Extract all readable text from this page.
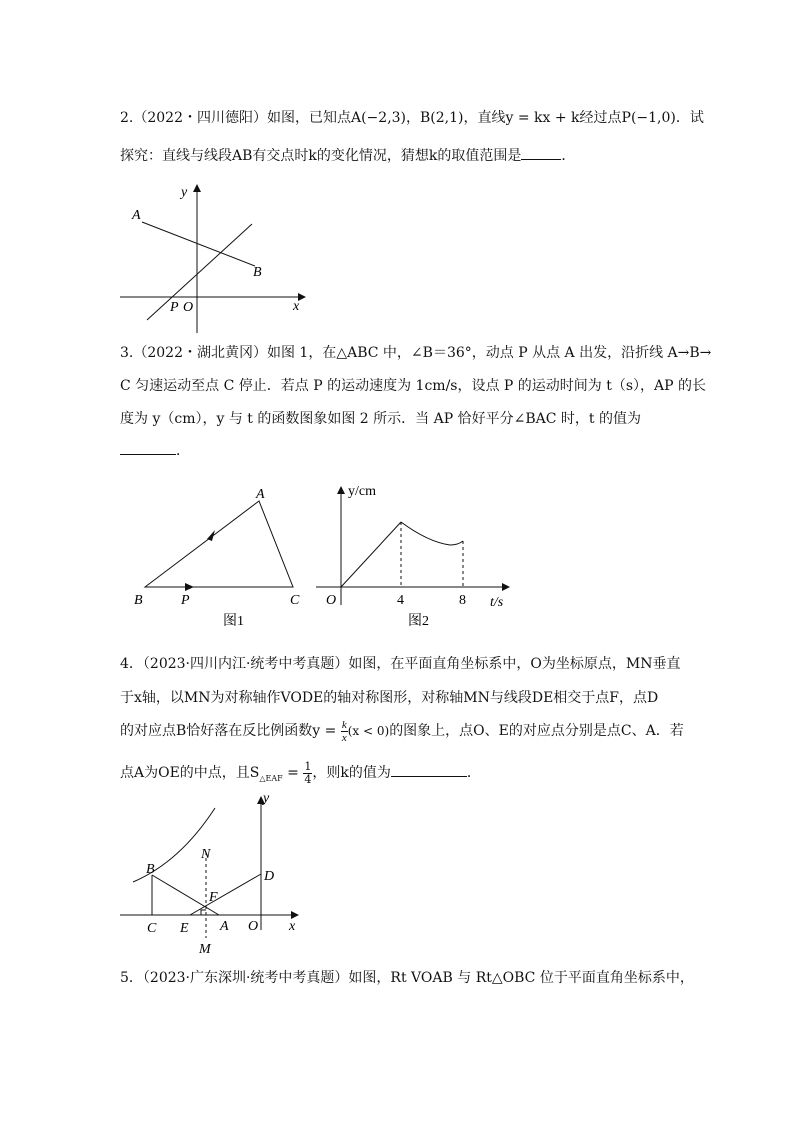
2.（2022・四川德阳）如图，已知点A(−2,3)，B(2,1)，直线y = kx + k经过点P(−1,0)．试
探究：直线与线段AB有交点时k的变化情况，猜想k的取值范围是	．
A
B
P O	x
y
3.（2022・湖北黄冈）如图 1，在△ABC 中，∠B＝36°，动点 P 从点 A 出发，沿折线 A→B→
C 匀速运动至点 C 停止．若点 P 的运动速度为 1cm/s，设点 P 的运动时间为 t（s），AP 的长
度为 y（cm），y 与 t 的函数图象如图 2 所示．当 AP 恰好平分∠BAC 时，t 的值为
．
A
B	P	C
图1
y/cm
O	4	8 t/s
图2
4．（2023·四川内江·统考中考真题）如图，在平面直角坐标系中，O为坐标原点，MN垂直
于x轴，以MN为对称轴作VODE的轴对称图形，对称轴MN与线段DE相交于点F，点D
的对应点B恰好落在反比例函数$y = \frac{k}{x} (x < 0)$的图象上，点O、E的对应点分别是点C、A．若
点A为OE的中点，且$S_{\triangle EAF} = \frac{1}{4}$ ，则k的值为	．
y
x
B
N
D
F
C E A O
M
5．（2023·广东深圳·统考中考真题）如图，Rt VOAB 与 Rt△OBC 位于平面直角坐标系中，
